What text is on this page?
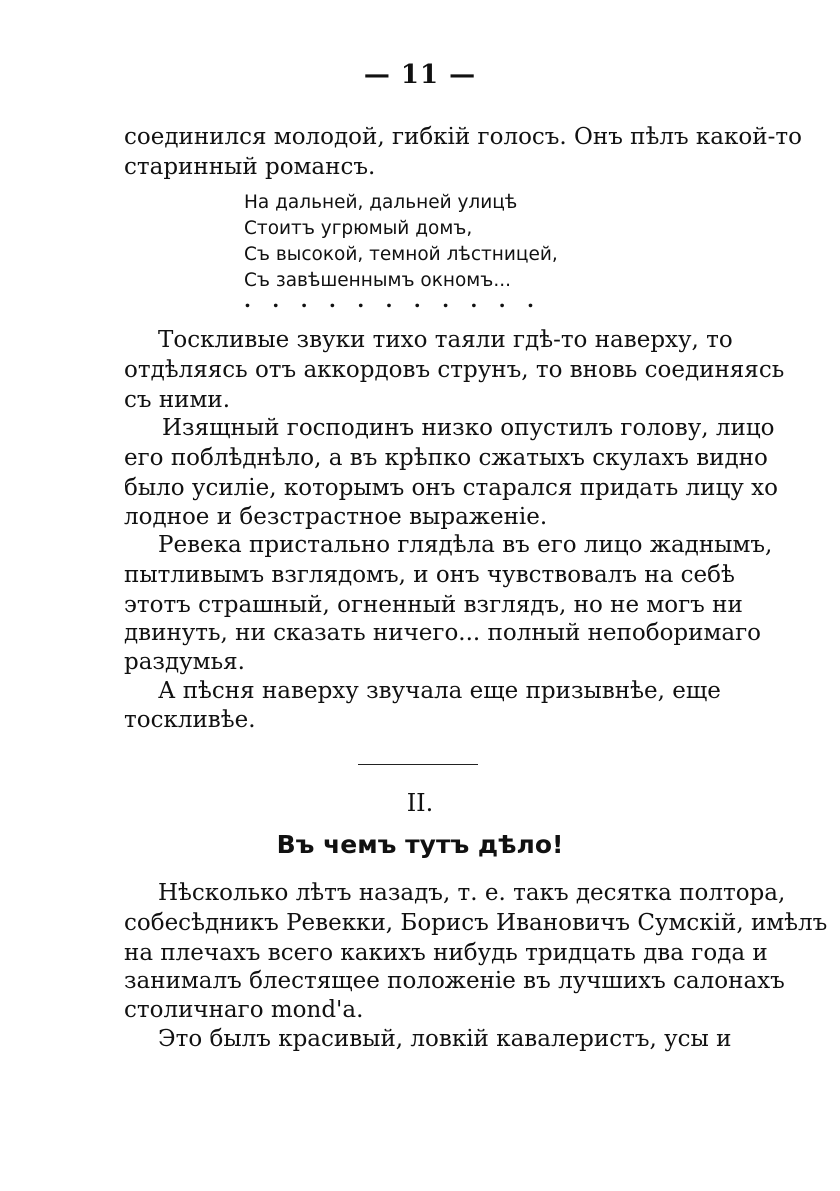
— 11 —
соединился молодой, гибкій голосъ. Онъ пѣлъ какой-то
старинный романсъ.
На дальней, дальней улицѣ
Стоитъ угрюмый домъ,
Съ высокой, темной лѣстницей,
Съ завѣшеннымъ окномъ...
. . . . . . . . . . .
Тоскливые звуки тихо таяли гдѣ-то наверху, то
отдѣляясь отъ аккордовъ струнъ, то вновь соединяясь
съ ними.
Изящный господинъ низко опустилъ голову, лицо
его поблѣднѣло, а въ крѣпко сжатыхъ скулахъ видно
было усиліе, которымъ онъ старался придать лицу хо
лодное и безстрастное выраженіе.
Ревека пристально глядѣла въ его лицо жаднымъ,
пытливымъ взглядомъ, и онъ чувствовалъ на себѣ
этотъ страшный, огненный взглядъ, но не могъ ни
двинуть, ни сказать ничего... полный непоборимаго
раздумья.
А пѣсня наверху звучала еще призывнѣе, еще
тоскливѣе.
II.
Въ чемъ тутъ дѣло!
Нѣсколько лѣтъ назадъ, т. е. такъ десятка полтора,
собесѣдникъ Ревекки, Борисъ Ивановичъ Сумскій, имѣлъ
на плечахъ всего какихъ нибудь тридцать два года и
занималъ блестящее положеніе въ лучшихъ салонахъ
столичнаго mond'а.
Это былъ красивый, ловкій кавалеристъ, усы и
